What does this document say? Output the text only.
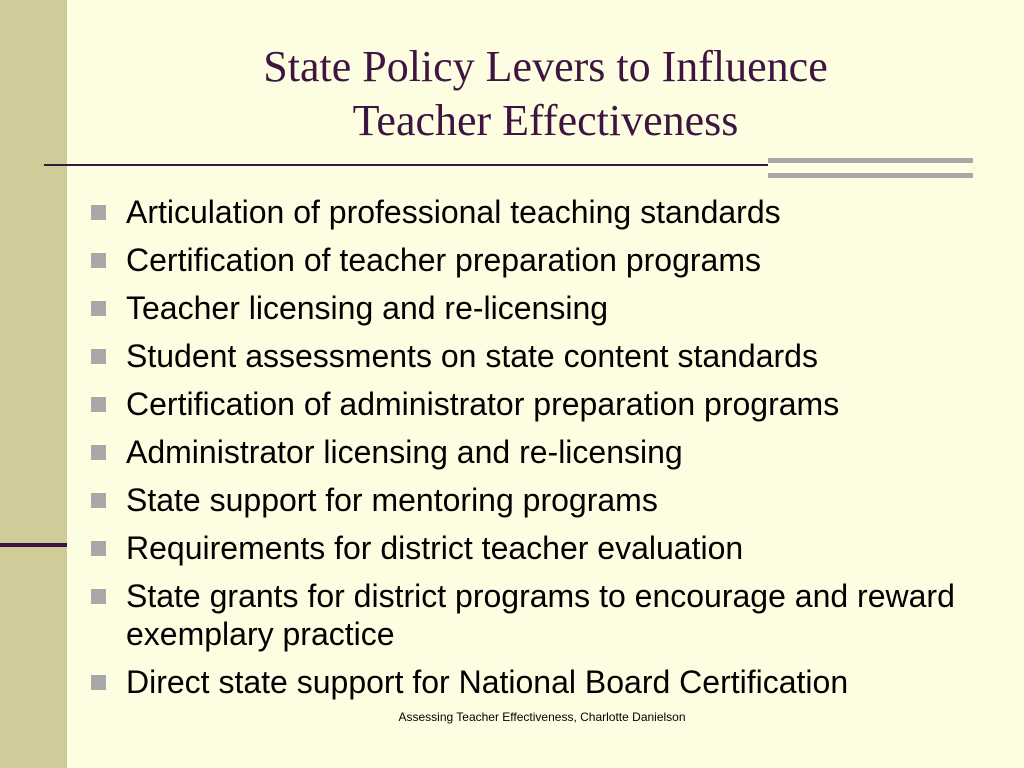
State Policy Levers to Influence
Teacher Effectiveness
Articulation of professional teaching standards
Certification of teacher preparation programs
Teacher licensing and re-licensing
Student assessments on state content standards
Certification of administrator preparation programs
Administrator licensing and re-licensing
State support for mentoring programs
Requirements for district teacher evaluation
State grants for district programs to encourage and reward exemplary practice
Direct state support for National Board Certification
Assessing Teacher Effectiveness, Charlotte Danielson
